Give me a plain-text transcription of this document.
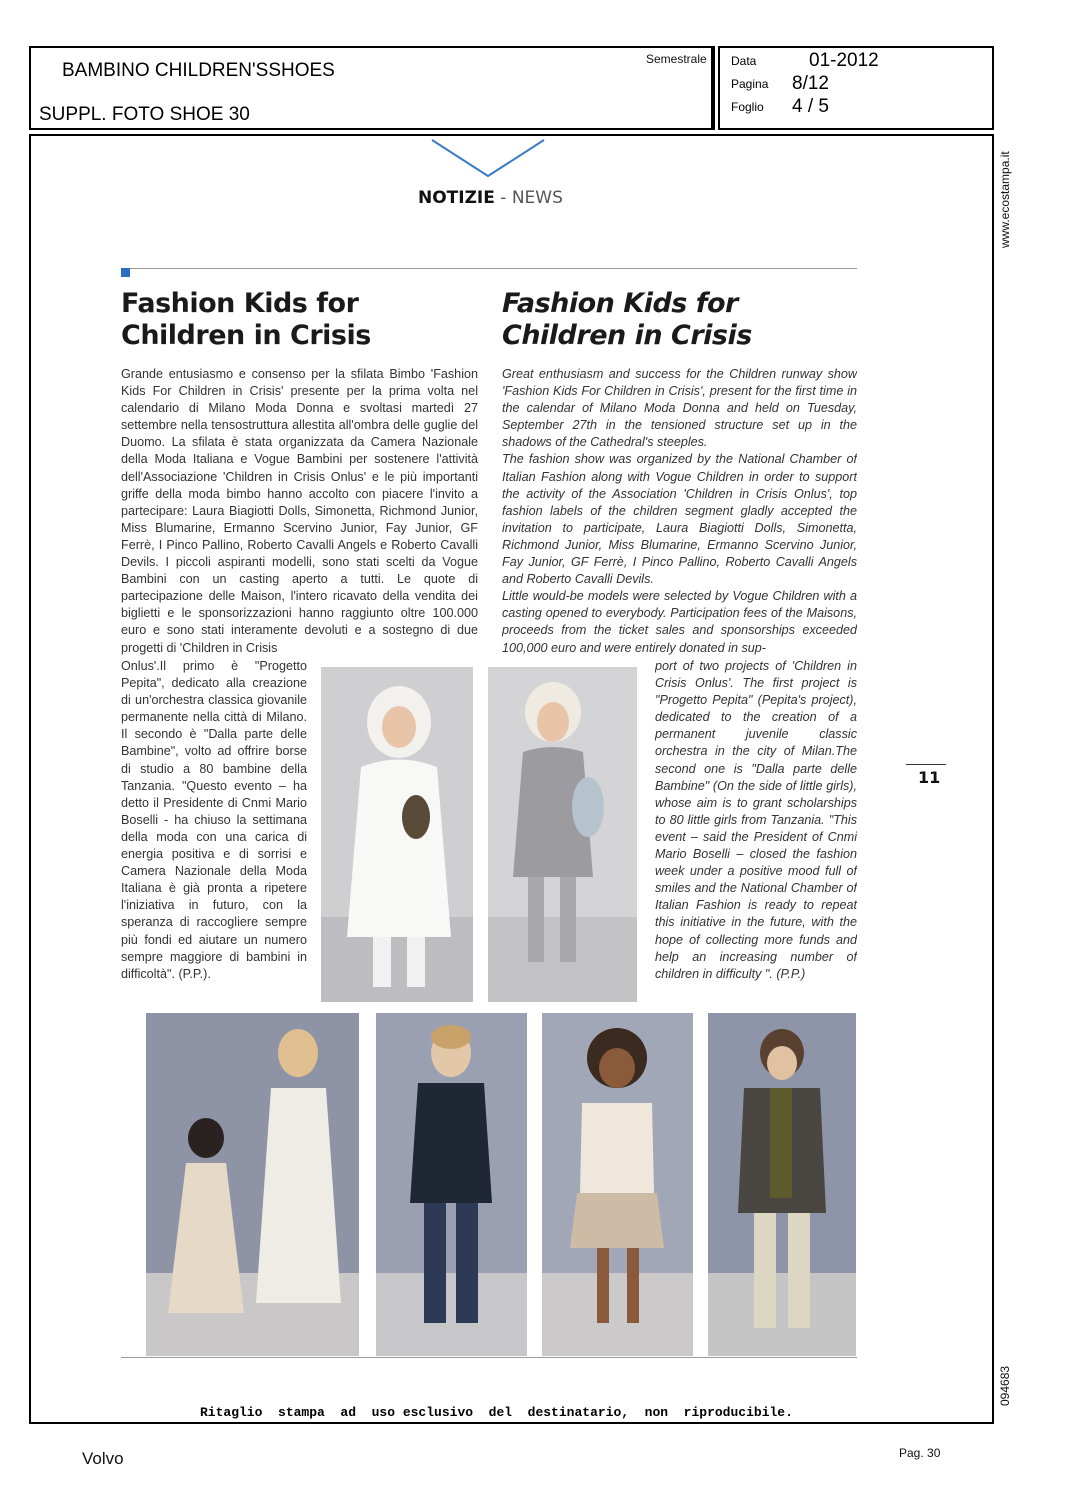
BAMBINO CHILDREN'SSHOES
SUPPL. FOTO SHOE 30
Semestrale Data	01-2012
Pagina 8/12
Foglio 4 / 5
www.ecostampa.it
094683
NOTIZIE - NEWS
Fashion Kids for Children in Crisis
Fashion Kids for Children in Crisis

Grande entusiasmo e consenso per la sfilata Bimbo 'Fashion Kids For Children in Crisis' presente per la prima volta nel calendario di Milano Moda Donna e svoltasi martedì 27 settembre nella tensostruttura allestita all'ombra delle guglie del Duomo. La sfilata è stata organizzata da Camera Nazionale della Moda Italiana e Vogue Bambini per sostenere l'attività dell'Associazione 'Children in Crisis Onlus' e le più importanti griffe della moda bimbo hanno accolto con piacere l'invito a partecipare: Laura Biagiotti Dolls, Simonetta, Richmond Junior, Miss Blumarine, Ermanno Scervino Junior, Fay Junior, GF Ferrè, I Pinco Pallino, Roberto Cavalli Angels e Roberto Cavalli Devils. I piccoli aspiranti modelli, sono stati scelti da Vogue Bambini con un casting aperto a tutti. Le quote di partecipazione delle Maison, l'intero ricavato della vendita dei biglietti e le sponsorizzazioni hanno raggiunto oltre 100.000 euro e sono stati interamente devoluti e a sostegno di due progetti di 'Children in Crisis

Onlus'.Il primo è "Progetto Pepita", dedicato alla creazione di un'orchestra classica giovanile permanente nella città di Milano. Il secondo è "Dalla parte delle Bambine", volto ad offrire borse di studio a 80 bambine della Tanzania. "Questo evento – ha detto il Presidente di Cnmi Mario Boselli - ha chiuso la settimana della moda con una carica di energia positiva e di sorrisi e Camera Nazionale della Moda Italiana è già pronta a ripetere l'iniziativa in futuro, con la speranza di raccogliere sempre più fondi ed aiutare un numero sempre maggiore di bambini in difficoltà". (P.P.).

Great enthusiasm and success for the Children runway show 'Fashion Kids For Children in Crisis', present for the first time in the calendar of Milano Moda Donna and held on Tuesday, September 27th in the tensioned structure set up in the shadows of the Cathedral's steeples.

The fashion show was organized by the National Chamber of Italian Fashion along with Vogue Children in order to support the activity of the Association 'Children in Crisis Onlus', top fashion labels of the children segment gladly accepted the invitation to participate, Laura Biagiotti Dolls, Simonetta, Richmond Junior, Miss Blumarine, Ermanno Scervino Junior, Fay Junior, GF Ferrè, I Pinco Pallino, Roberto Cavalli Angels and Roberto Cavalli Devils.

Little would-be models were selected by Vogue Children with a casting opened to everybody. Participation fees of the Maisons, proceeds from the ticket sales and sponsorships exceeded 100,000 euro and were entirely donated in sup-

port of two projects of 'Children in Crisis Onlus'. The first project is "Progetto Pepita" (Pepita's project), dedicated to the creation of a permanent juvenile classic orchestra in the city of Milan.The second one is "Dalla parte delle Bambine" (On the side of little girls), whose aim is to grant scholarships to 80 little girls from Tanzania. "This event – said the President of Cnmi Mario Boselli – closed the fashion week under a positive mood full of smiles and the National Chamber of Italian Fashion is ready to repeat this initiative in the future, with the hope of collecting more funds and help an increasing number of children in difficulty ". (P.P.)

11
Ritaglio  stampa  ad  uso esclusivo  del  destinatario,  non  riproducibile.
Volvo	Pag. 30
